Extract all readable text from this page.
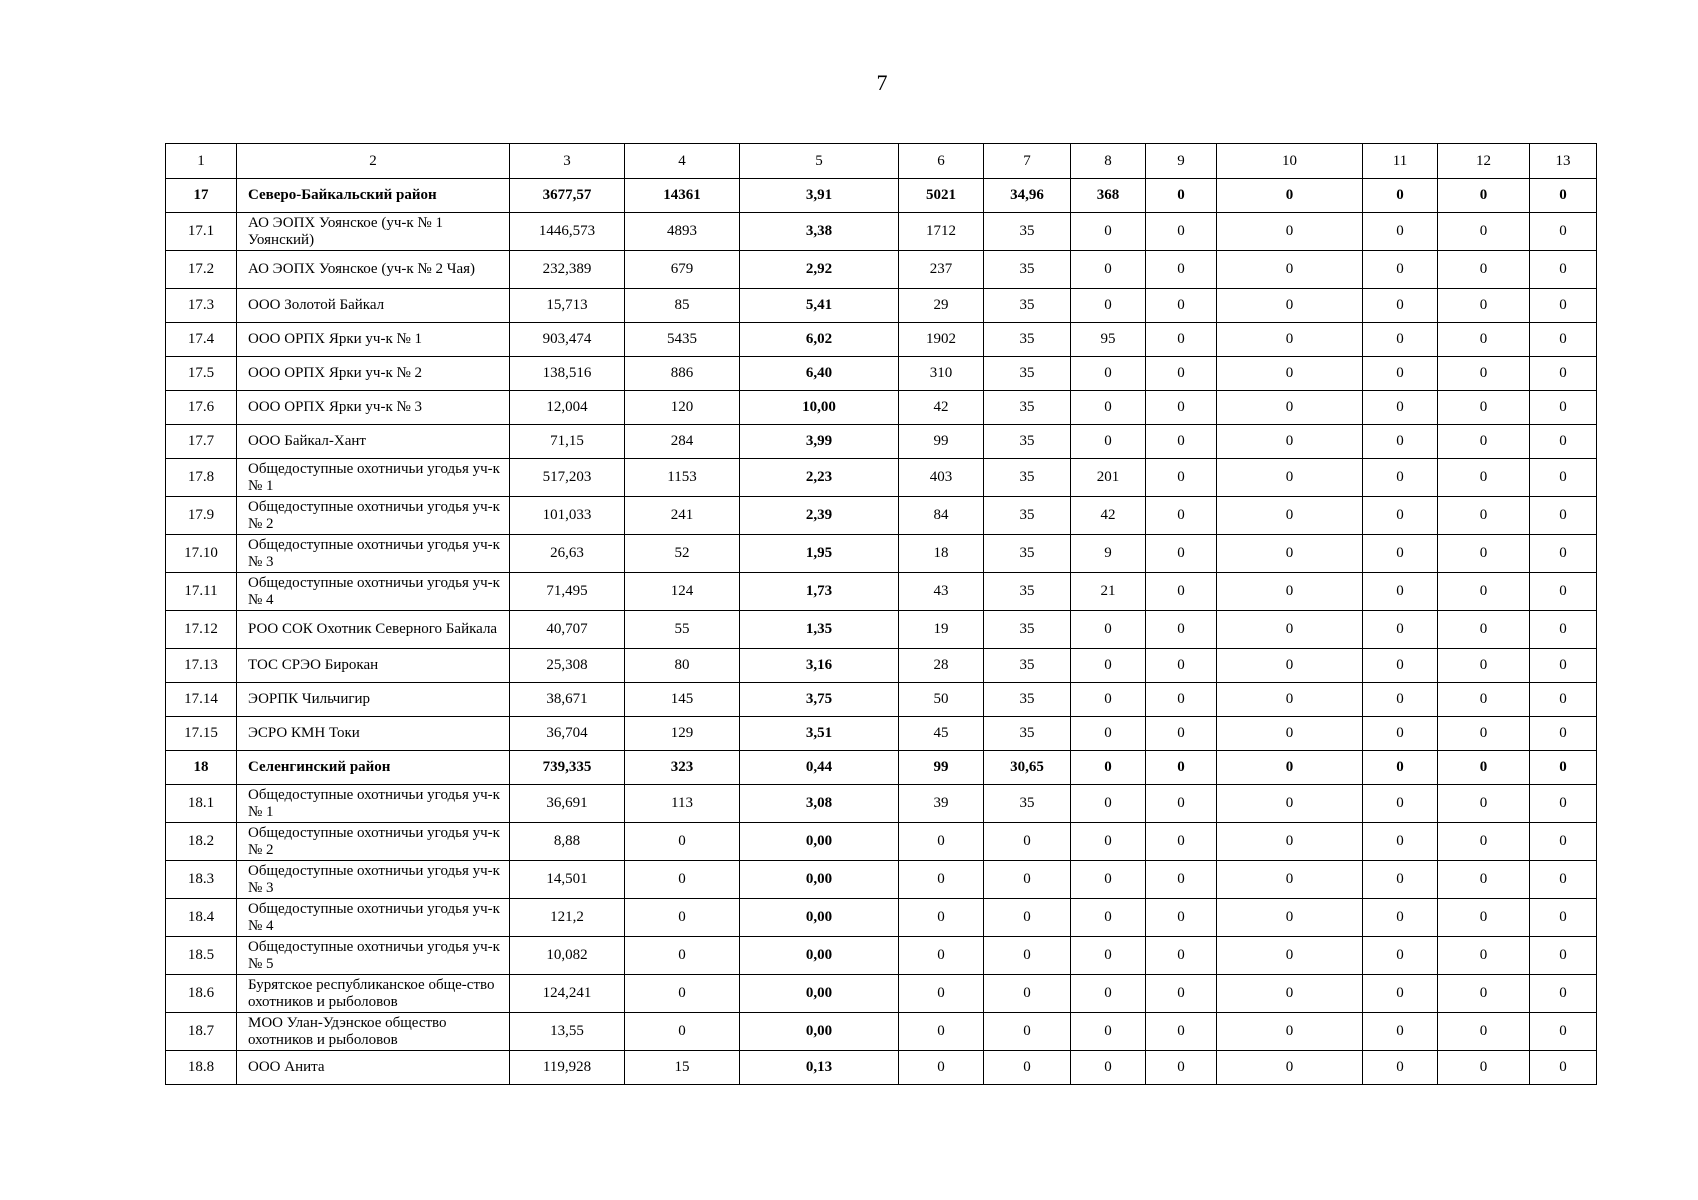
7
1	2	3	4	5	6	7	8	9	10	11	12	13
17	Северо-Байкальский район	3677,57	14361	3,91	5021	34,96	368	0	0	0	0	0
17.1	АО ЭОПХ Уоянское (уч-к № 1 Уоянский)	1446,573	4893	3,38	1712	35	0	0	0	0	0	0
17.2	АО ЭОПХ Уоянское (уч-к № 2 Чая)	232,389	679	2,92	237	35	0	0	0	0	0	0
17.3	ООО Золотой Байкал	15,713	85	5,41	29	35	0	0	0	0	0	0
17.4	ООО ОРПХ Ярки уч-к № 1	903,474	5435	6,02	1902	35	95	0	0	0	0	0
17.5	ООО ОРПХ Ярки уч-к № 2	138,516	886	6,40	310	35	0	0	0	0	0	0
17.6	ООО ОРПХ Ярки уч-к № 3	12,004	120	10,00	42	35	0	0	0	0	0	0
17.7	ООО Байкал-Хант	71,15	284	3,99	99	35	0	0	0	0	0	0
17.8	Общедоступные охотничьи угодья уч-к № 1	517,203	1153	2,23	403	35	201	0	0	0	0	0
17.9	Общедоступные охотничьи угодья уч-к № 2	101,033	241	2,39	84	35	42	0	0	0	0	0
17.10	Общедоступные охотничьи угодья уч-к № 3	26,63	52	1,95	18	35	9	0	0	0	0	0
17.11	Общедоступные охотничьи угодья уч-к № 4	71,495	124	1,73	43	35	21	0	0	0	0	0
17.12	РОО СОК Охотник Северного Байкала	40,707	55	1,35	19	35	0	0	0	0	0	0
17.13	ТОС СРЭО Бирокан	25,308	80	3,16	28	35	0	0	0	0	0	0
17.14	ЭОРПК Чильчигир	38,671	145	3,75	50	35	0	0	0	0	0	0
17.15	ЭСРО КМН Токи	36,704	129	3,51	45	35	0	0	0	0	0	0
18	Селенгинский район	739,335	323	0,44	99	30,65	0	0	0	0	0	0
18.1	Общедоступные охотничьи угодья уч-к № 1	36,691	113	3,08	39	35	0	0	0	0	0	0
18.2	Общедоступные охотничьи угодья уч-к № 2	8,88	0	0,00	0	0	0	0	0	0	0	0
18.3	Общедоступные охотничьи угодья уч-к № 3	14,501	0	0,00	0	0	0	0	0	0	0	0
18.4	Общедоступные охотничьи угодья уч-к № 4	121,2	0	0,00	0	0	0	0	0	0	0	0
18.5	Общедоступные охотничьи угодья уч-к № 5	10,082	0	0,00	0	0	0	0	0	0	0	0
18.6	Бурятское республиканское обще-ство охотников и рыболовов	124,241	0	0,00	0	0	0	0	0	0	0	0
18.7	МОО Улан-Удэнское общество охотников и рыболовов	13,55	0	0,00	0	0	0	0	0	0	0	0
18.8	ООО Анита	119,928	15	0,13	0	0	0	0	0	0	0	0
